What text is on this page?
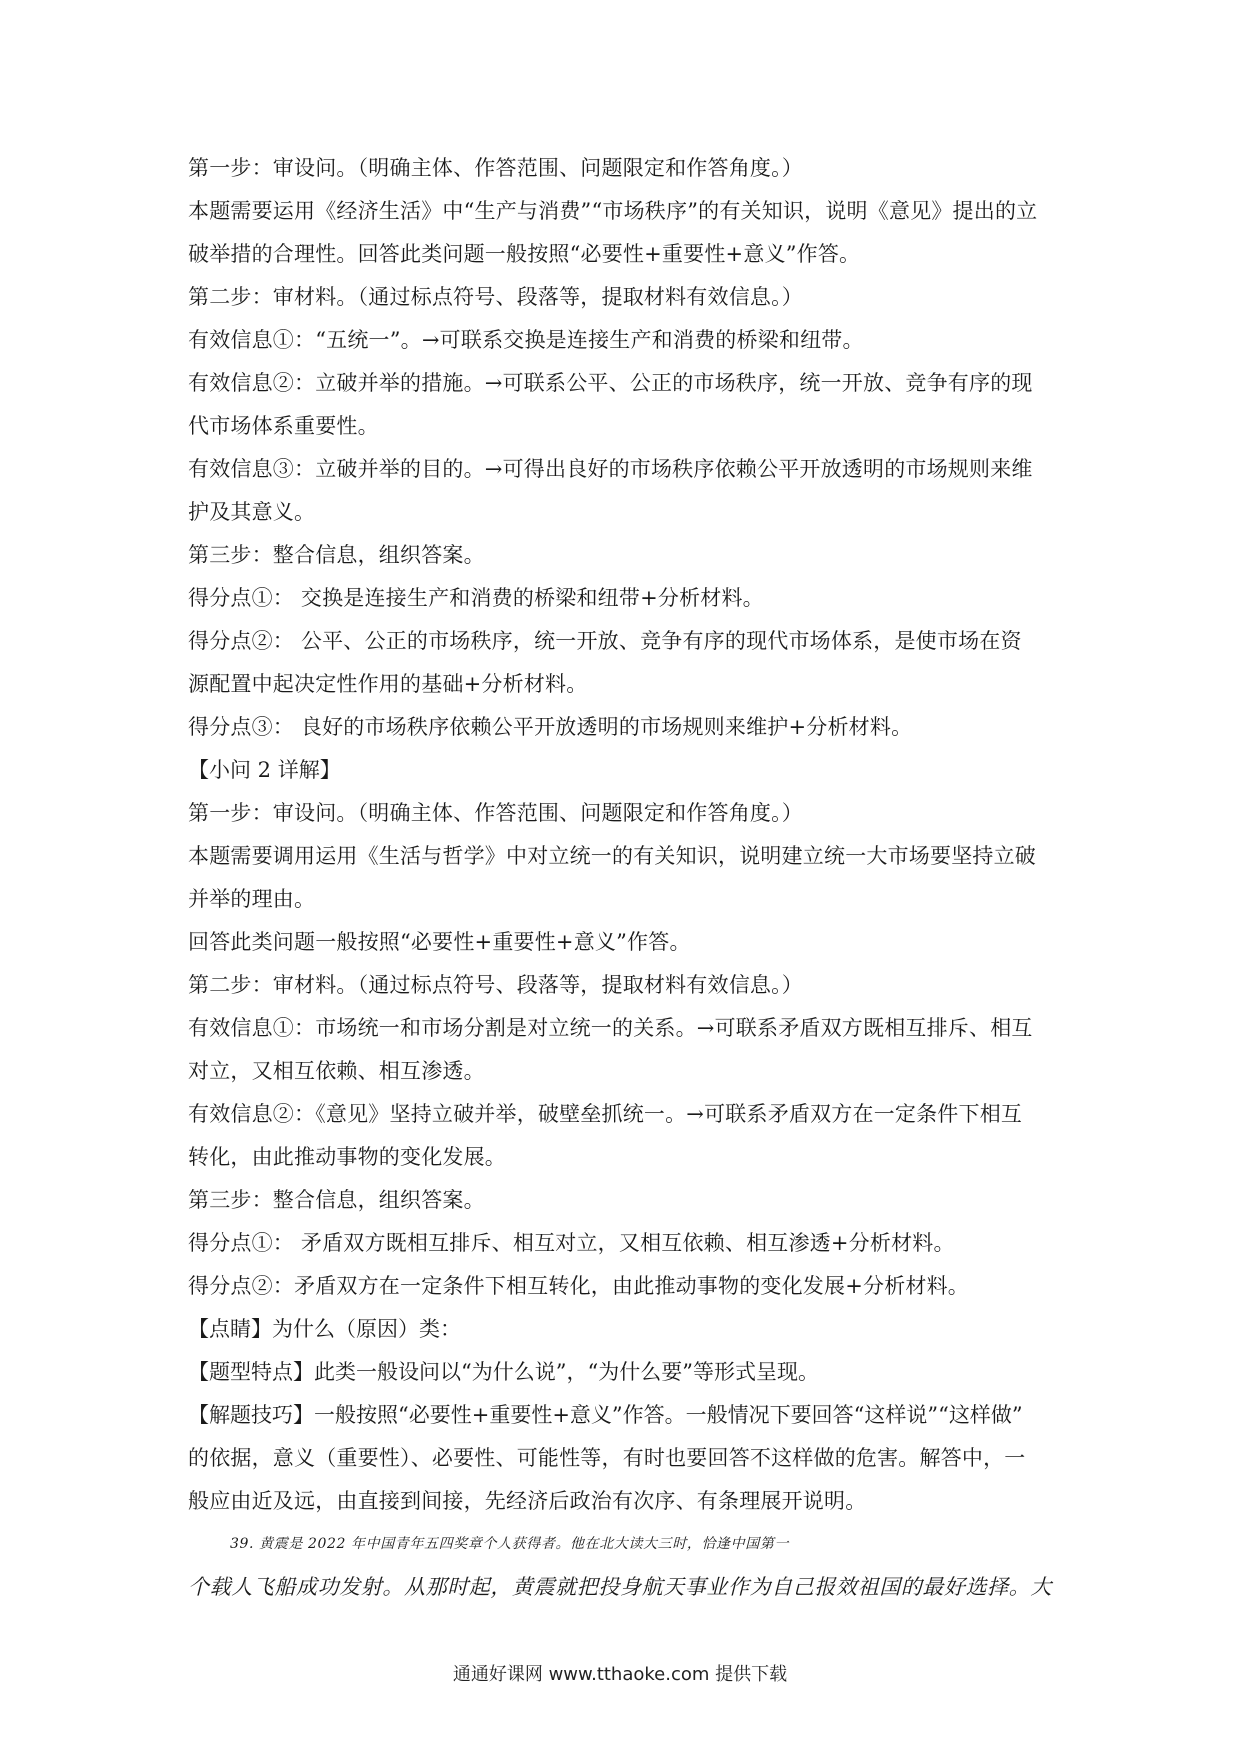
第一步：审设问。（明确主体、作答范围、问题限定和作答角度。）
本题需要运用《经济生活》中“生产与消费”“市场秩序”的有关知识，说明《意见》提出的立
破举措的合理性。回答此类问题一般按照“必要性+重要性+意义”作答。
第二步：审材料。（通过标点符号、段落等，提取材料有效信息。）
有效信息①：“五统一”。→可联系交换是连接生产和消费的桥梁和纽带。
有效信息②：立破并举的措施。→可联系公平、公正的市场秩序，统一开放、竞争有序的现
代市场体系重要性。
有效信息③：立破并举的目的。→可得出良好的市场秩序依赖公平开放透明的市场规则来维
护及其意义。
第三步：整合信息，组织答案。
得分点①： 交换是连接生产和消费的桥梁和纽带+分析材料。
得分点②： 公平、公正的市场秩序，统一开放、竞争有序的现代市场体系，是使市场在资
源配置中起决定性作用的基础+分析材料。
得分点③： 良好的市场秩序依赖公平开放透明的市场规则来维护+分析材料。
【小问 2 详解】
第一步：审设问。（明确主体、作答范围、问题限定和作答角度。）
本题需要调用运用《生活与哲学》中对立统一的有关知识，说明建立统一大市场要坚持立破
并举的理由。
回答此类问题一般按照“必要性+重要性+意义”作答。
第二步：审材料。（通过标点符号、段落等，提取材料有效信息。）
有效信息①：市场统一和市场分割是对立统一的关系。→可联系矛盾双方既相互排斥、相互
对立，又相互依赖、相互渗透。
有效信息②：《意见》坚持立破并举，破壁垒抓统一。→可联系矛盾双方在一定条件下相互
转化，由此推动事物的变化发展。
第三步：整合信息，组织答案。
得分点①： 矛盾双方既相互排斥、相互对立，又相互依赖、相互渗透+分析材料。
得分点②：矛盾双方在一定条件下相互转化，由此推动事物的变化发展+分析材料。
【点睛】为什么（原因）类：
【题型特点】此类一般设问以“为什么说”，“为什么要”等形式呈现。
【解题技巧】一般按照“必要性+重要性+意义”作答。一般情况下要回答“这样说”“这样做”
的依据，意义（重要性）、必要性、可能性等，有时也要回答不这样做的危害。解答中，一
般应由近及远，由直接到间接，先经济后政治有次序、有条理展开说明。
39. 黄震是 2022 年中国青年五四奖章个人获得者。他在北大读大三时，恰逢中国第一
个载人飞船成功发射。从那时起，黄震就把投身航天事业作为自己报效祖国的最好选择。大
通通好课网 www.tthaoke.com 提供下载
